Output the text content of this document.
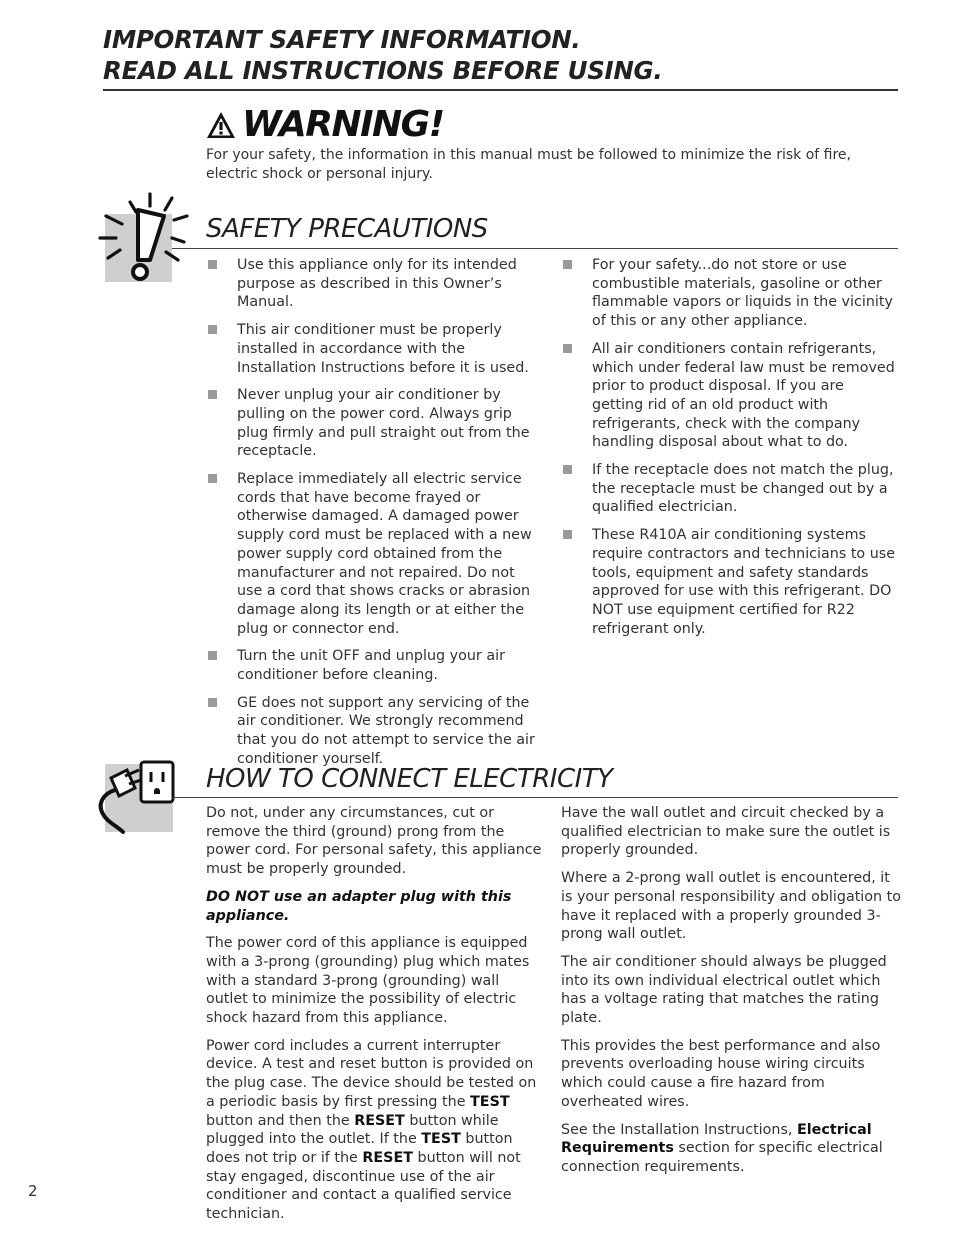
IMPORTANT SAFETY INFORMATION.
READ ALL INSTRUCTIONS BEFORE USING.
WARNING!
For your safety, the information in this manual must be followed to minimize the risk of fire, electric shock or personal injury.
SAFETY PRECAUTIONS
Use this appliance only for its intended purpose as described in this Owner’s Manual.
This air conditioner must be properly installed in accordance with the Installation Instructions before it is used.
Never unplug your air conditioner by pulling on the power cord. Always grip plug firmly and pull straight out from the receptacle.
Replace immediately all electric service cords that have become frayed or otherwise damaged. A damaged power supply cord must be replaced with a new power supply cord obtained from the manufacturer and not repaired. Do not use a cord that shows cracks or abrasion damage along its length or at either the plug or connector end.
Turn the unit OFF and unplug your air conditioner before cleaning.
GE does not support any servicing of the air conditioner. We strongly recommend that you do not attempt to service the air conditioner yourself.
For your safety...do not store or use combustible materials, gasoline or other flammable vapors or liquids in the vicinity of this or any other appliance.
All air conditioners contain refrigerants, which under federal law must be removed prior to product disposal. If you are getting rid of an old product with refrigerants, check with the company handling disposal about what to do.
If the receptacle does not match the plug, the receptacle must be changed out by a qualified electrician.
These R410A air conditioning systems require contractors and technicians to use tools, equipment and safety standards approved for use with this refrigerant. DO NOT use equipment certified for R22 refrigerant only.
HOW TO CONNECT ELECTRICITY

Do not, under any circumstances, cut or remove the third (ground) prong from the power cord. For personal safety, this appliance must be properly grounded.

DO NOT use an adapter plug with this appliance.

The power cord of this appliance is equipped with a 3-prong (grounding) plug which mates with a standard 3-prong (grounding) wall outlet to minimize the possibility of electric shock hazard from this appliance.

Power cord includes a current interrupter device. A test and reset button is provided on the plug case. The device should be tested on a periodic basis by first pressing the TEST button and then the RESET button while plugged into the outlet. If the TEST button does not trip or if the RESET button will not stay engaged, discontinue use of the air conditioner and contact a qualified service technician.

Have the wall outlet and circuit checked by a qualified electrician to make sure the outlet is properly grounded.

Where a 2-prong wall outlet is encountered, it is your personal responsibility and obligation to have it replaced with a properly grounded 3-prong wall outlet.

The air conditioner should always be plugged into its own individual electrical outlet which has a voltage rating that matches the rating plate.

This provides the best performance and also prevents overloading house wiring circuits which could cause a fire hazard from overheated wires.

See the Installation Instructions, Electrical Requirements section for specific electrical connection requirements.

2
